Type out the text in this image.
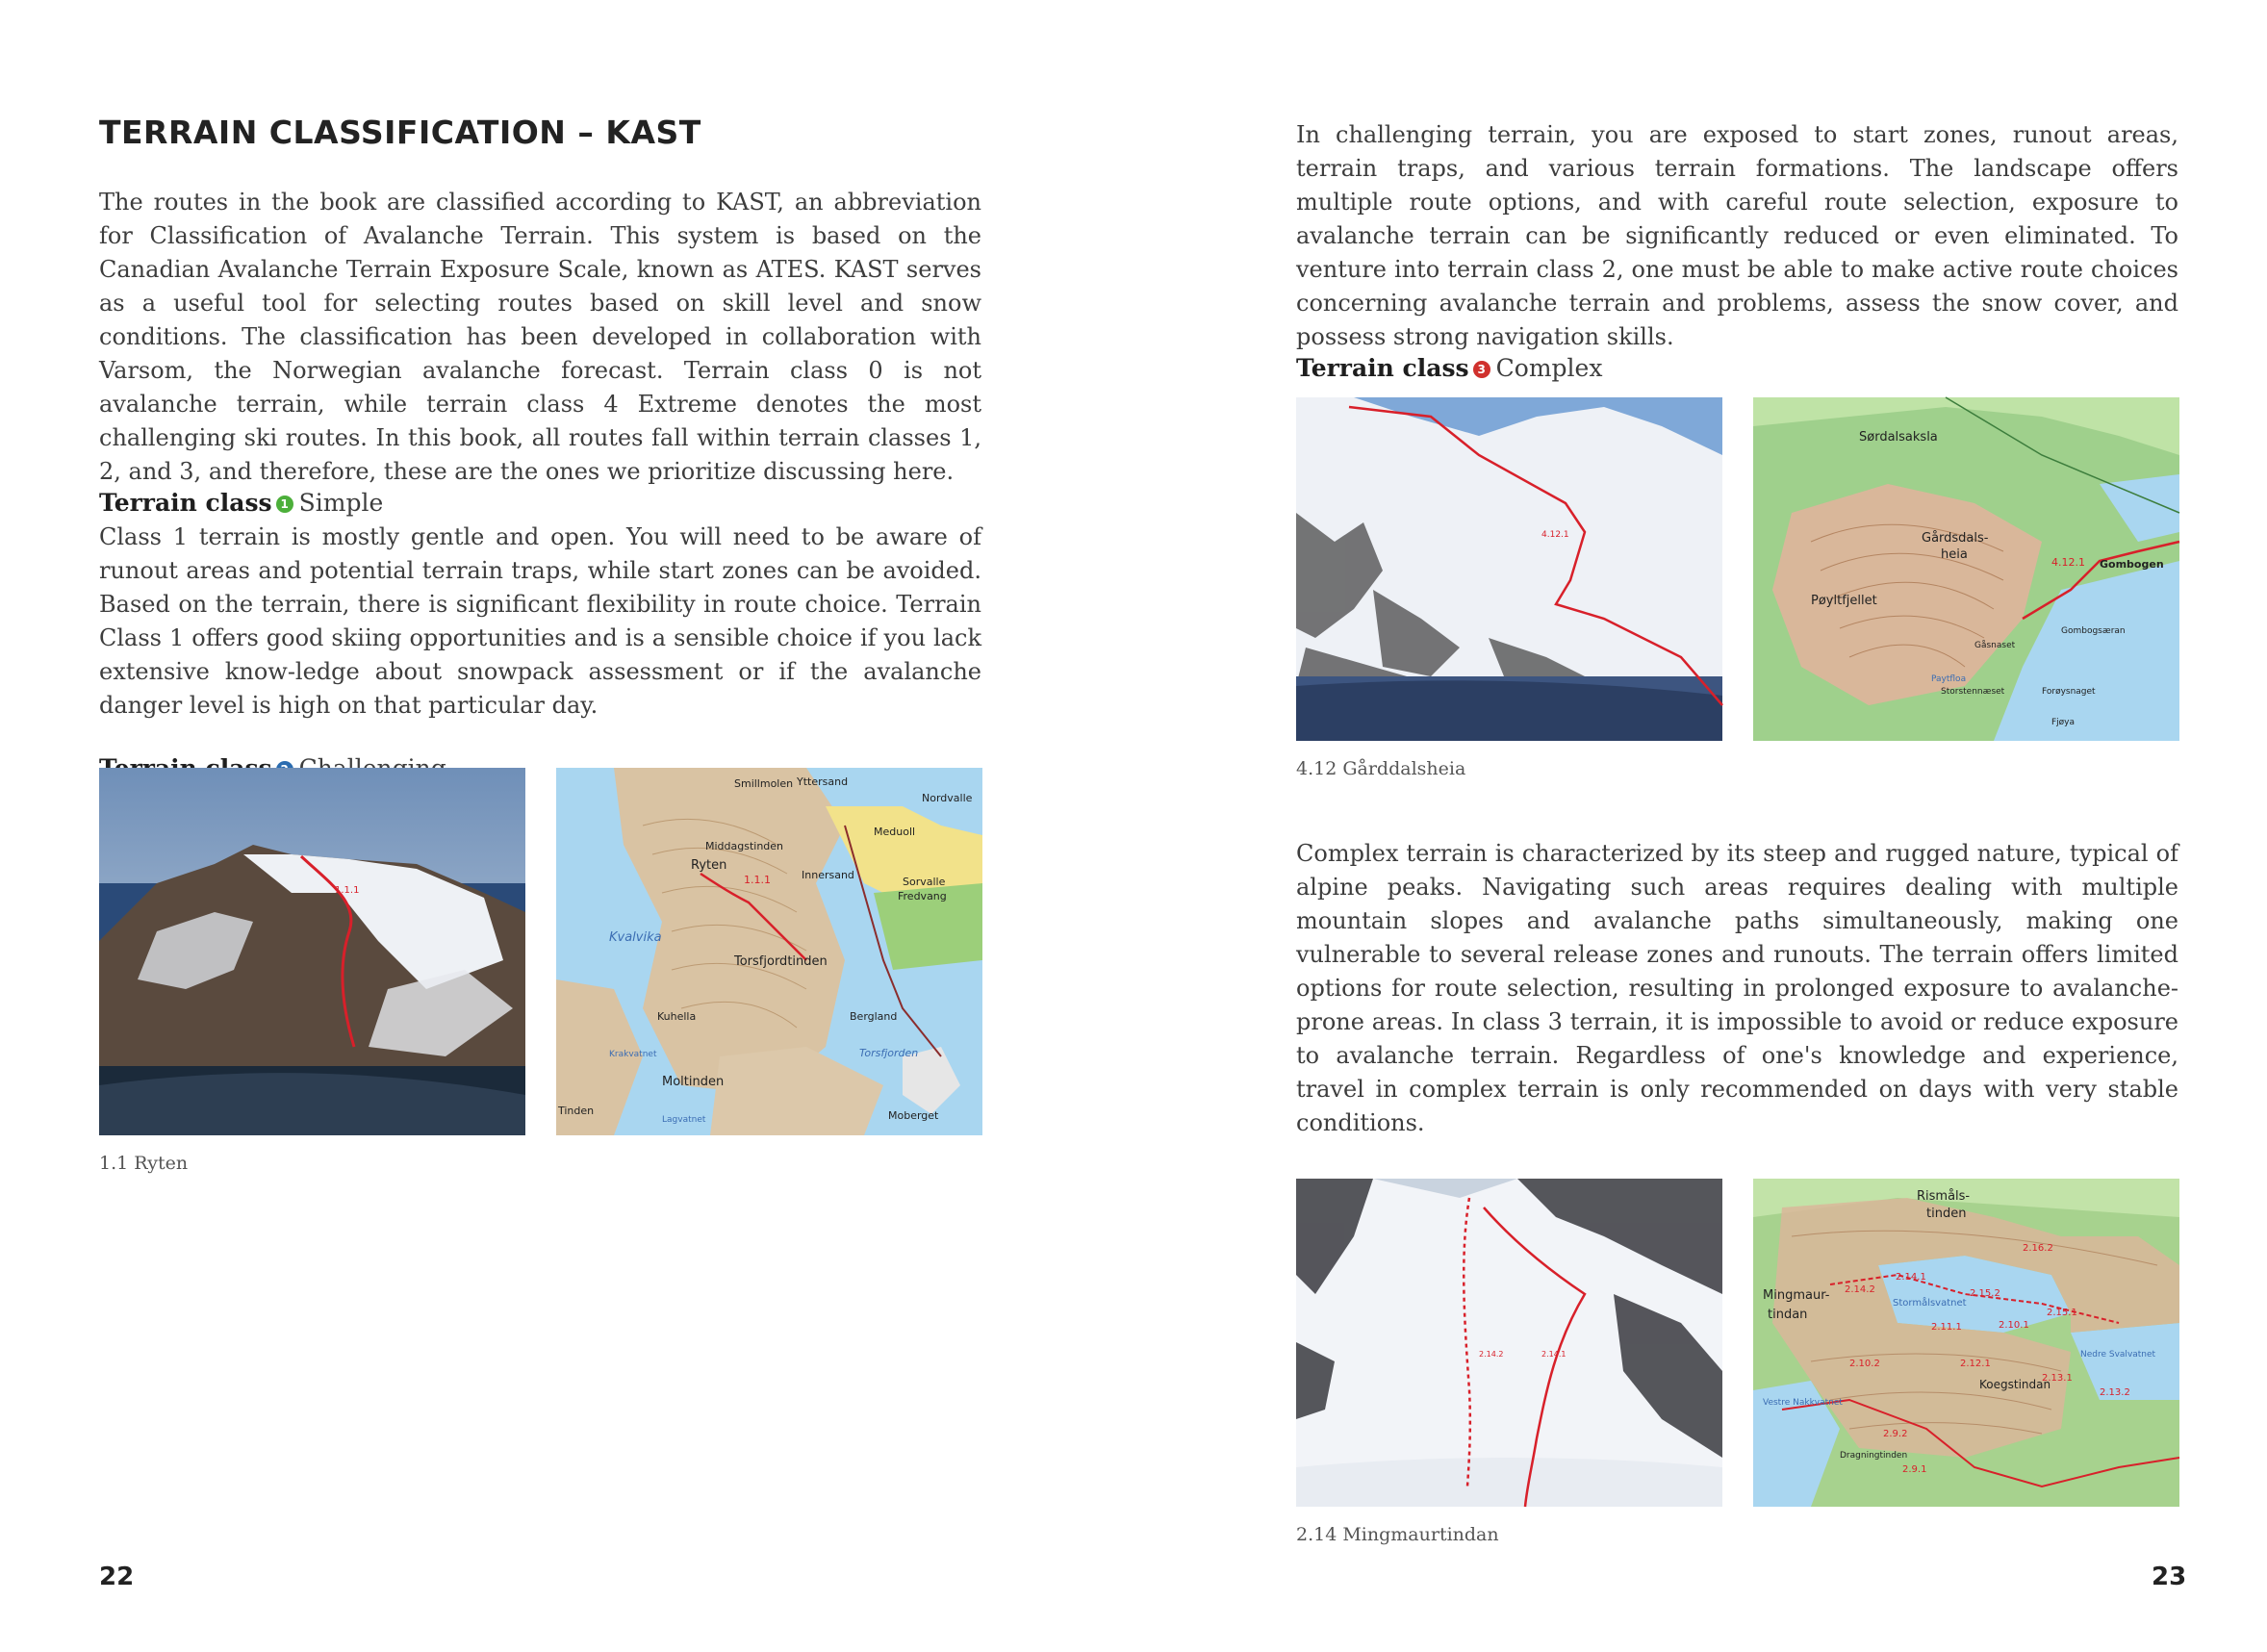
TERRAIN CLASSIFICATION – KAST

The routes in the book are classified according to KAST, an abbreviation for Classification of Avalanche Terrain. This system is based on the Canadian Avalanche Terrain Exposure Scale, known as ATES. KAST serves as a useful tool for selecting routes based on skill level and snow conditions. The classification has been developed in collaboration with Varsom, the Norwegian avalanche forecast. Terrain class 0 is not avalanche terrain, while terrain class 4 Extreme denotes the most challenging ski routes. In this book, all routes fall within terrain classes 1, 2, and 3, and therefore, these are the ones we prioritize discussing here.

Terrain class 1 Simple

Class 1 terrain is mostly gentle and open. You will need to be aware of runout areas and potential terrain traps, while start zones can be avoided. Based on the terrain, there is significant flexibility in route choice. Terrain Class 1 offers good skiing opportunities and is a sensible choice if you lack extensive know-ledge about snowpack assessment or if the avalanche danger level is high on that particular day.

1.1.1
Smillmolen Yttersand
Nordvalle
Middagstinden
Ryten
1.1.1	Innersand
Meduoll
Sorvalle
Fredvang
Kvalvika
Torsfjordtinden
Kuhella	Bergland
Torsfjorden
Moltinden
Moberget
Krakvatnet
Lagvatnet
Tinden

1.1 Ryten

22

In challenging terrain, you are exposed to start zones, runout areas, terrain traps, and various terrain formations. The landscape offers multiple route options, and with careful route selection, exposure to avalanche terrain can be significantly reduced or even eliminated. To venture into terrain class 2, one must be able to make active route choices concerning avalanche terrain and problems, assess the snow cover, and possess strong navigation skills.

Terrain class 3 Complex

4.12.1
Sørdalsaksla
Gårdsdals-
heia
4.12.1 Gombogen
Pøyltfjellet
Gombogsæran
Gåsnaset
Paytfloa
Storstennæset	Forøysnaget
Fjøya

4.12 Gårddalsheia

Complex terrain is characterized by its steep and rugged nature, typical of alpine peaks. Navigating such areas requires dealing with multiple mountain slopes and avalanche paths simultaneously, making one vulnerable to several release zones and runouts. The terrain offers limited options for route selection, resulting in prolonged exposure to avalanche-prone areas. In class 3 terrain, it is impossible to avoid or reduce exposure to avalanche terrain. Regardless of one's knowledge and experience, travel in complex terrain is only recommended on days with very stable conditions.

2.14.2	2.14.1
Rismåls-
tinden
2.16.2
2.14.1
2.14.2	2.15.2
Mingmaur-
tindan
Stormålsvatnet
2.15.1
2.11.1	2.10.1
2.10.2	2.12.1
2.13.1
Koegstindan
2.9.2
2.13.2
2.9.1
Dragningtinden
Vestre Nakkvatnet
Nedre Svalvatnet

2.14 Mingmaurtindan

23
